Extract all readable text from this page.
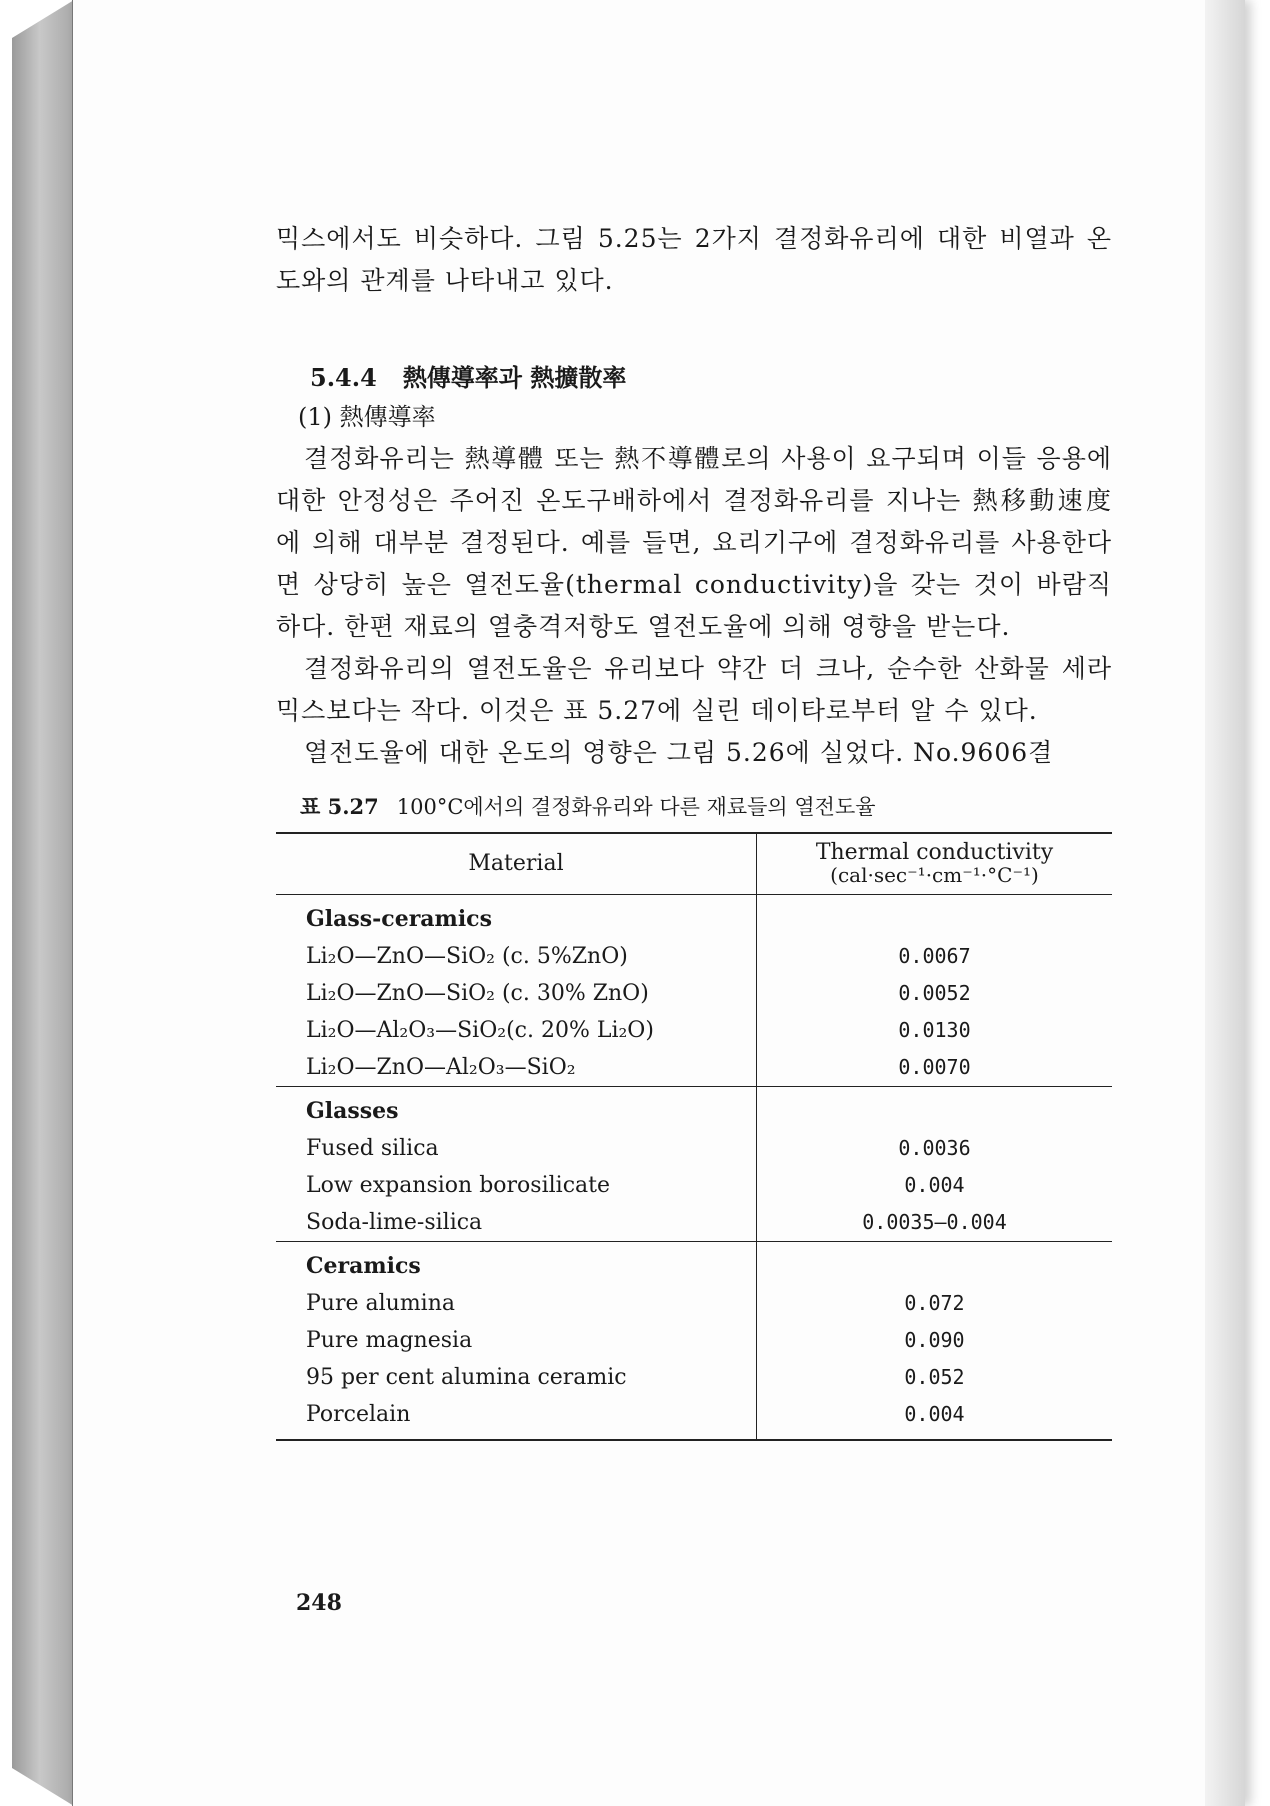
믹스에서도 비슷하다. 그림 5.25는 2가지 결정화유리에 대한 비열과 온도와의 관계를 나타내고 있다.

5.4.4 熱傳導率과 熱擴散率
(1) 熱傳導率

결정화유리는 熱導體 또는 熱不導體로의 사용이 요구되며 이들 응용에 대한 안정성은 주어진 온도구배하에서 결정화유리를 지나는 熱移動速度에 의해 대부분 결정된다. 예를 들면, 요리기구에 결정화유리를 사용한다면 상당히 높은 열전도율(thermal conductivity)을 갖는 것이 바람직하다. 한편 재료의 열충격저항도 열전도율에 의해 영향을 받는다.

결정화유리의 열전도율은 유리보다 약간 더 크나, 순수한 산화물 세라믹스보다는 작다. 이것은 표 5.27에 실린 데이타로부터 알 수 있다.

열전도율에 대한 온도의 영향은 그림 5.26에 실었다. No.9606결

표 5.27 100°C에서의 결정화유리와 다른 재료들의 열전도율
Material	Thermal conductivity
(cal·sec⁻¹·cm⁻¹·°C⁻¹)

Glass-ceramics	
Li₂O—ZnO—SiO₂ (c. 5%ZnO)	0.0067
Li₂O—ZnO—SiO₂ (c. 30% ZnO)	0.0052
Li₂O—Al₂O₃—SiO₂(c. 20% Li₂O)	0.0130
Li₂O—ZnO—Al₂O₃—SiO₂	0.0070
Glasses	
Fused silica	0.0036
Low expansion borosilicate	0.004
Soda-lime-silica	0.0035—0.004
Ceramics	
Pure alumina	0.072
Pure magnesia	0.090
95 per cent alumina ceramic	0.052
Porcelain	0.004
248
